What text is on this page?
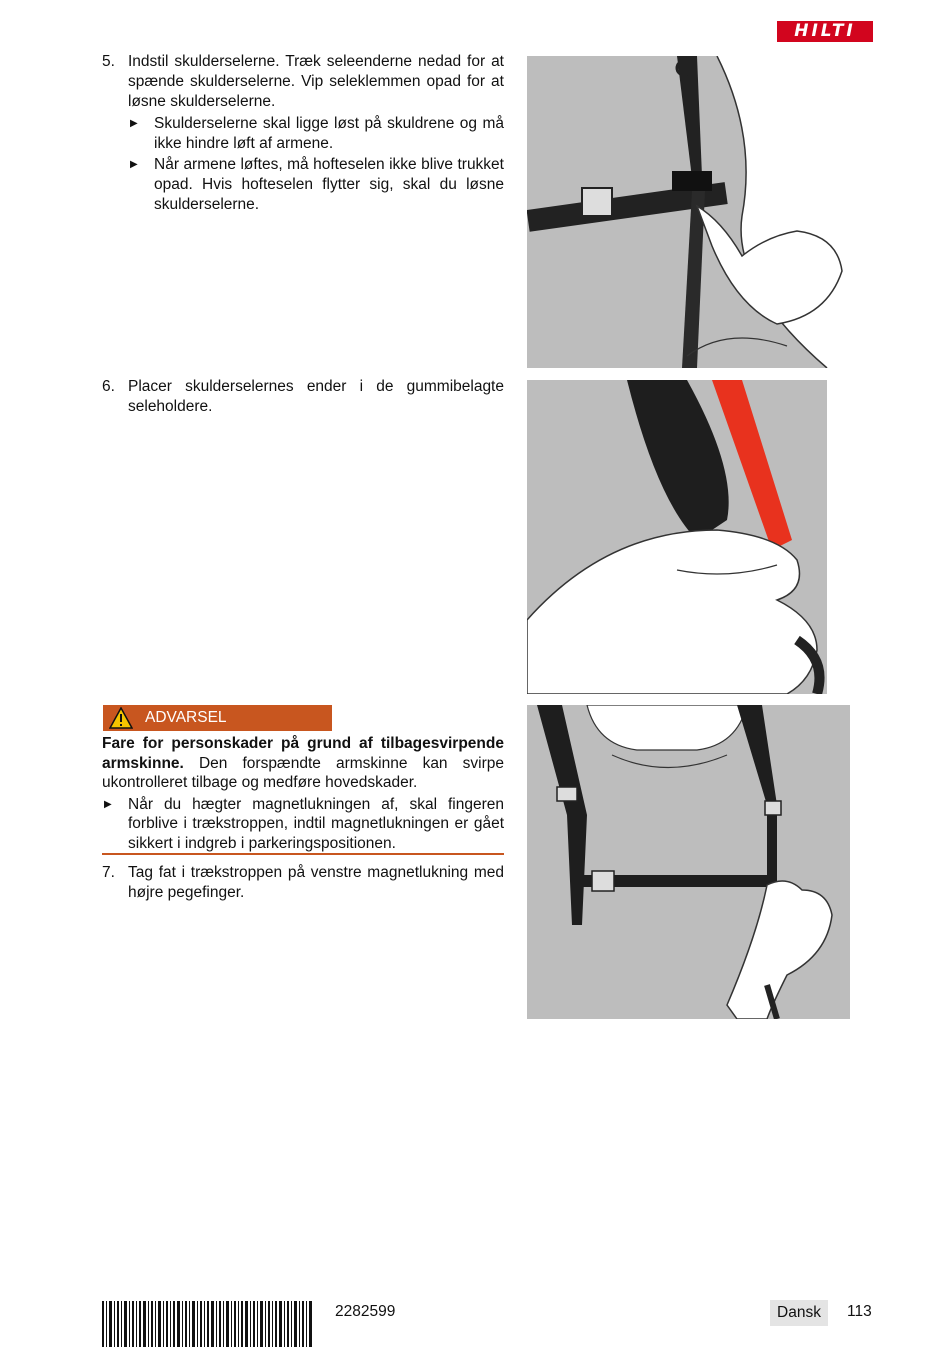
HILTI
5. Indstil skulderselerne. Træk seleenderne nedad for at spænde skulderselerne. Vip seleklemmen opad for at løsne skulderselerne.
▶ Skulderselerne skal ligge løst på skuldrene og må ikke hindre løft af armene.
▶ Når armene løftes, må hofteselen ikke blive trukket opad. Hvis hofteselen flytter sig, skal du løsne skulderselerne.
6. Placer skulderselernes ender i de gummibelagte seleholdere.
ADVARSEL
Fare for personskader på grund af tilbagesvirpende armskinne. Den forspændte armskinne kan svirpe ukontrolleret tilbage og medføre hovedskader.
▶ Når du hægter magnetlukningen af, skal fingeren forblive i trækstroppen, indtil magnetlukningen er gået sikkert i indgreb i parkeringspositionen.
7. Tag fat i trækstroppen på venstre magnetlukning med højre pegefinger.
2282599	Dansk	113
